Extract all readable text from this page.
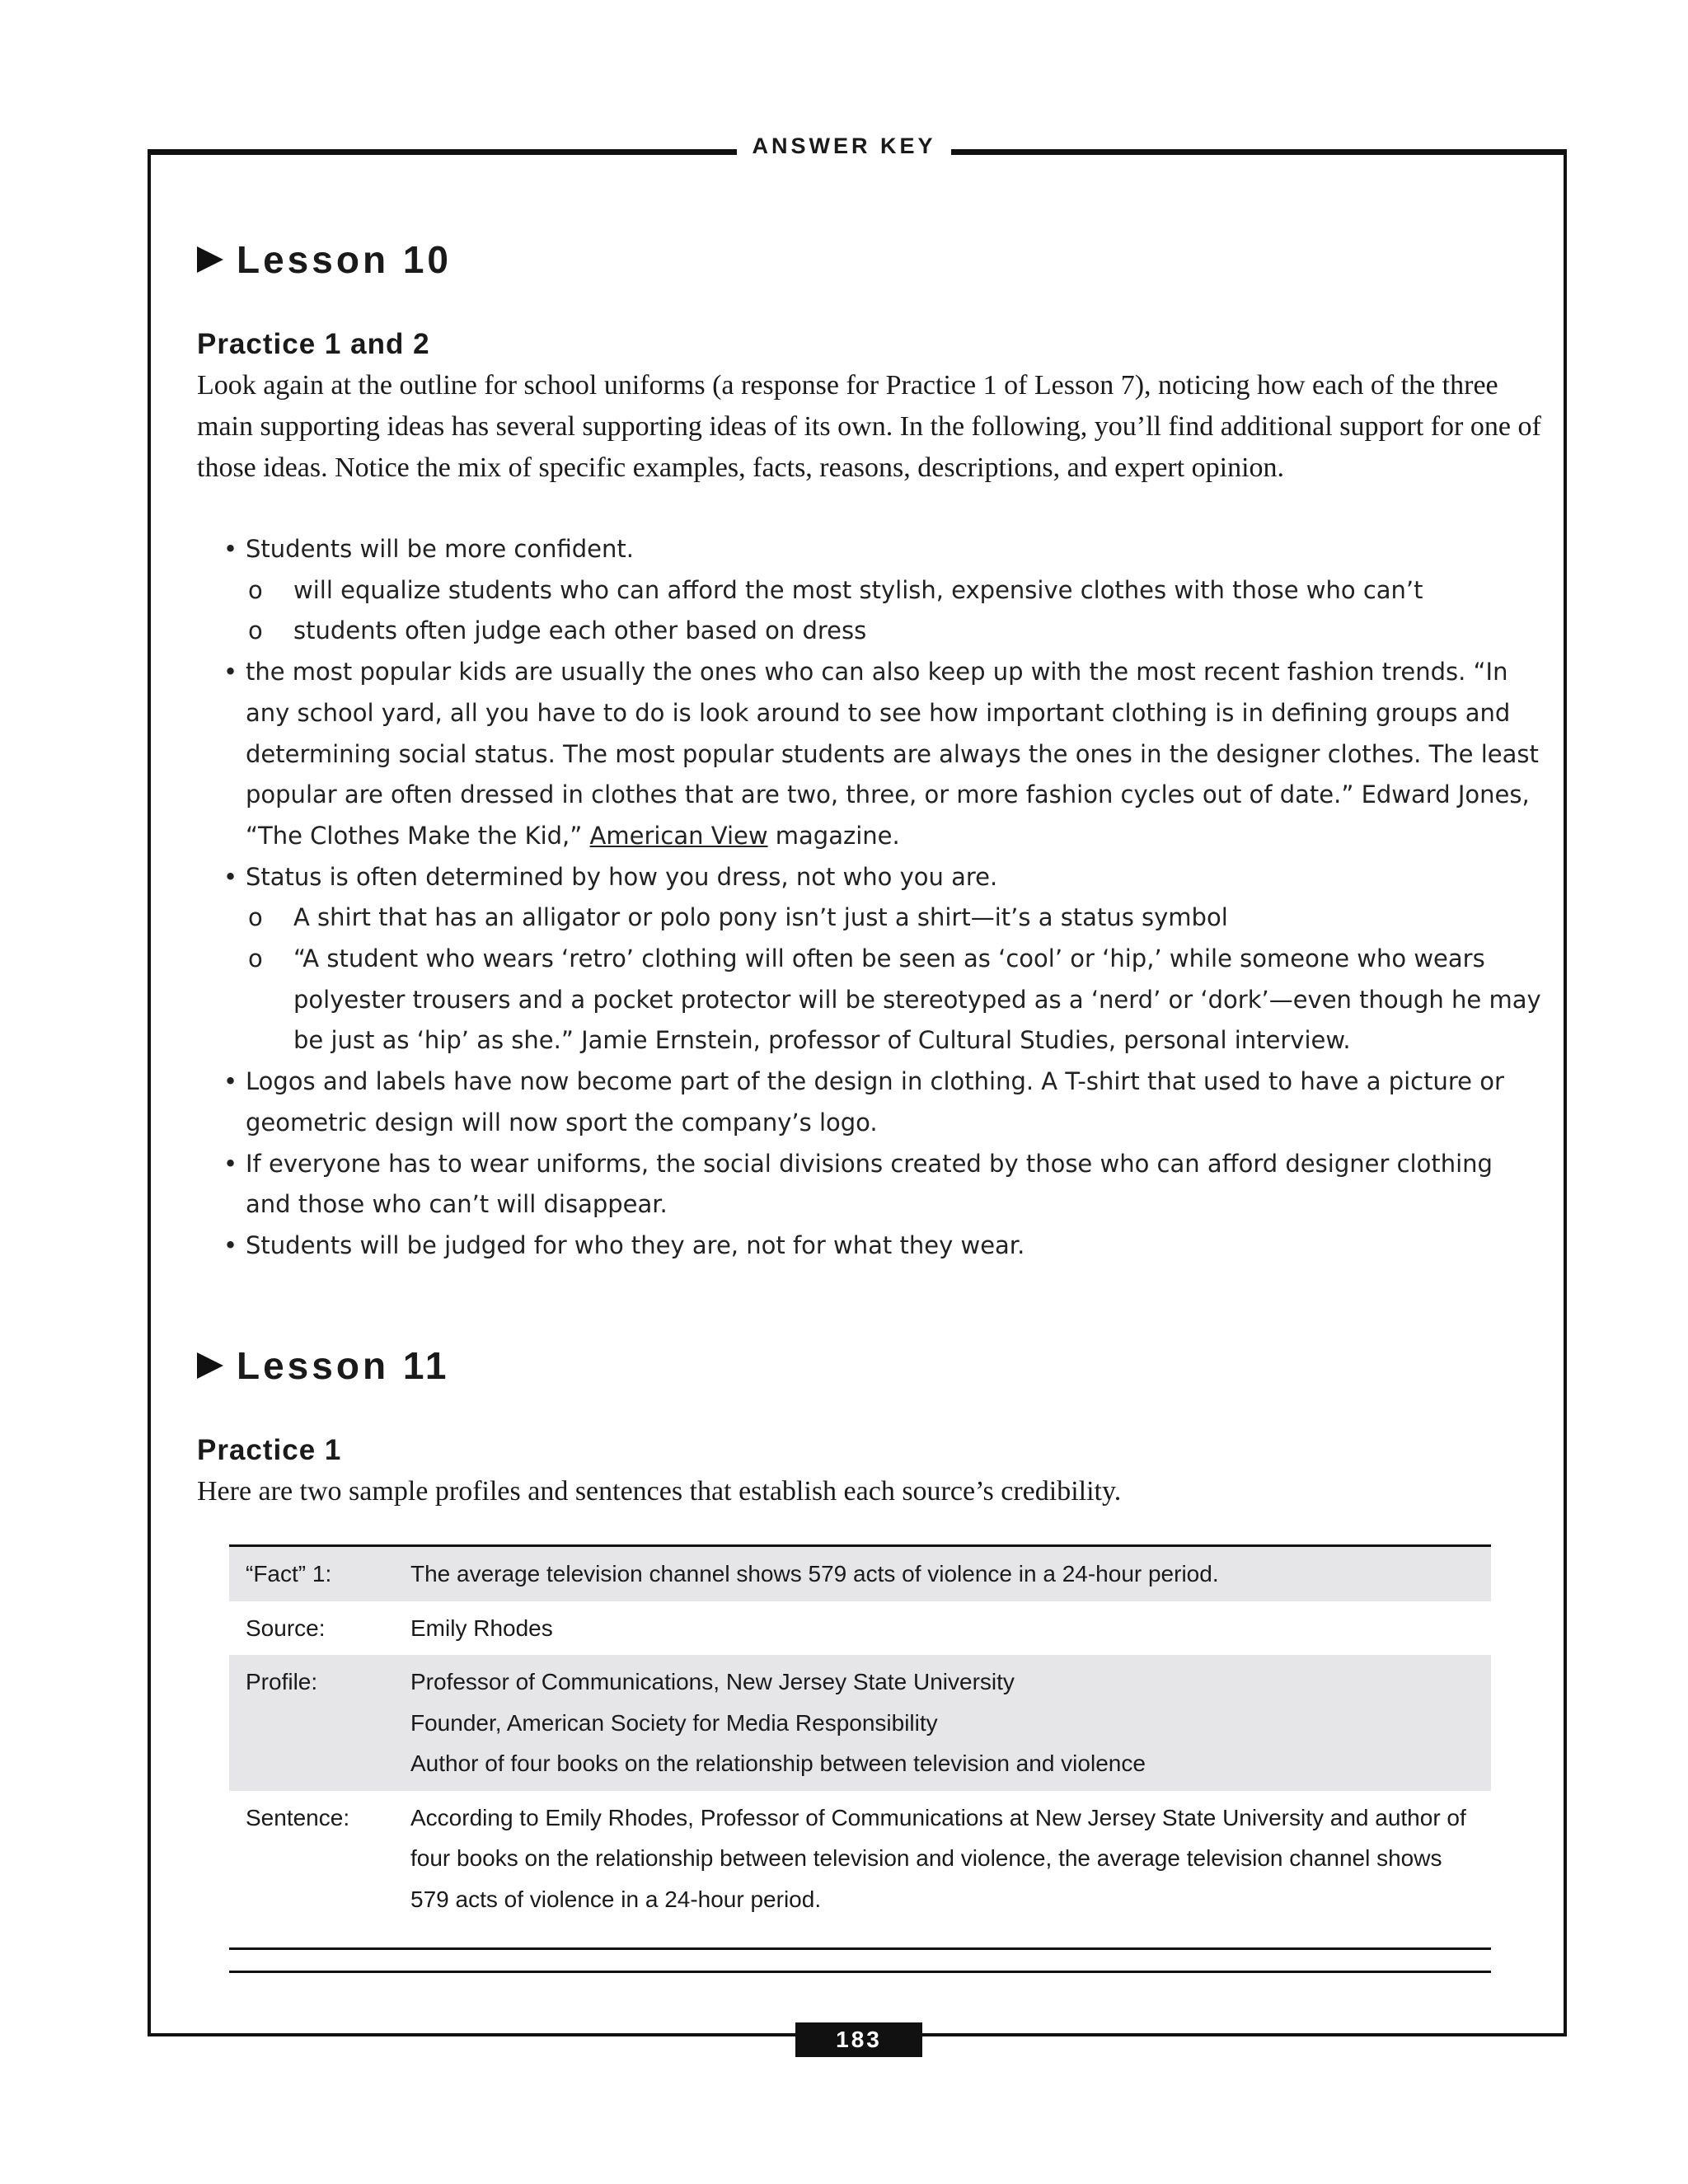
ANSWER KEY
Lesson 10
Practice 1 and 2
Look again at the outline for school uniforms (a response for Practice 1 of Lesson 7), noticing how each of the three main supporting ideas has several supporting ideas of its own. In the following, you’ll find additional support for one of those ideas. Notice the mix of specific examples, facts, reasons, descriptions, and expert opinion.
• Students will be more confident.
o will equalize students who can afford the most stylish, expensive clothes with those who can’t
o students often judge each other based on dress
• the most popular kids are usually the ones who can also keep up with the most recent fashion trends. “In any school yard, all you have to do is look around to see how important clothing is in defining groups and determining social status. The most popular students are always the ones in the designer clothes. The least popular are often dressed in clothes that are two, three, or more fashion cycles out of date.” Edward Jones, “The Clothes Make the Kid,” American View magazine.
• Status is often determined by how you dress, not who you are.
o A shirt that has an alligator or polo pony isn’t just a shirt—it’s a status symbol
o “A student who wears ‘retro’ clothing will often be seen as ‘cool’ or ‘hip,’ while someone who wears polyester trousers and a pocket protector will be stereotyped as a ‘nerd’ or ‘dork’—even though he may be just as ‘hip’ as she.” Jamie Ernstein, professor of Cultural Studies, personal interview.
• Logos and labels have now become part of the design in clothing. A T-shirt that used to have a picture or geometric design will now sport the company’s logo.
• If everyone has to wear uniforms, the social divisions created by those who can afford designer clothing and those who can’t will disappear.
• Students will be judged for who they are, not for what they wear.
Lesson 11
Practice 1
Here are two sample profiles and sentences that establish each source’s credibility.
“Fact” 1:	The average television channel shows 579 acts of violence in a 24-hour period.
Source:	Emily Rhodes
Profile:	Professor of Communications, New Jersey State University
Founder, American Society for Media Responsibility
Author of four books on the relationship between television and violence

Sentence:	According to Emily Rhodes, Professor of Communications at New Jersey State University and author of four books on the relationship between television and violence, the average television channel shows 579 acts of violence in a 24-hour period.
183
